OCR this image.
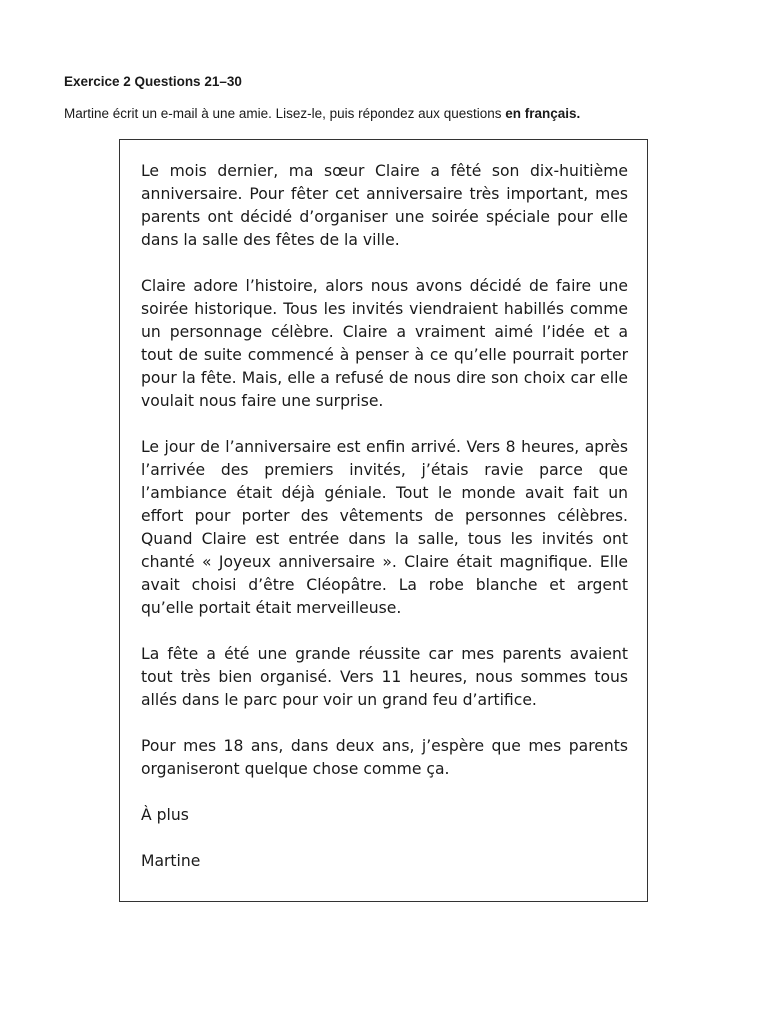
Exercice 2 Questions 21–30

Martine écrit un e-mail à une amie. Lisez-le, puis répondez aux questions en français.

Le mois dernier, ma sœur Claire a fêté son dix-huitième anniversaire. Pour fêter cet anniversaire très important, mes parents ont décidé d’organiser une soirée spéciale pour elle dans la salle des fêtes de la ville.

Claire adore l’histoire, alors nous avons décidé de faire une soirée historique. Tous les invités viendraient habillés comme un personnage célèbre. Claire a vraiment aimé l’idée et a tout de suite commencé à penser à ce qu’elle pourrait porter pour la fête. Mais, elle a refusé de nous dire son choix car elle voulait nous faire une surprise.

Le jour de l’anniversaire est enfin arrivé. Vers 8 heures, après l’arrivée des premiers invités, j’étais ravie parce que l’ambiance était déjà géniale. Tout le monde avait fait un effort pour porter des vêtements de personnes célèbres. Quand Claire est entrée dans la salle, tous les invités ont chanté « Joyeux anniversaire ». Claire était magnifique. Elle avait choisi d’être Cléopâtre. La robe blanche et argent qu’elle portait était merveilleuse.

La fête a été une grande réussite car mes parents avaient tout très bien organisé. Vers 11 heures, nous sommes tous allés dans le parc pour voir un grand feu d’artifice.

Pour mes 18 ans, dans deux ans, j’espère que mes parents organiseront quelque chose comme ça.

À plus

Martine
